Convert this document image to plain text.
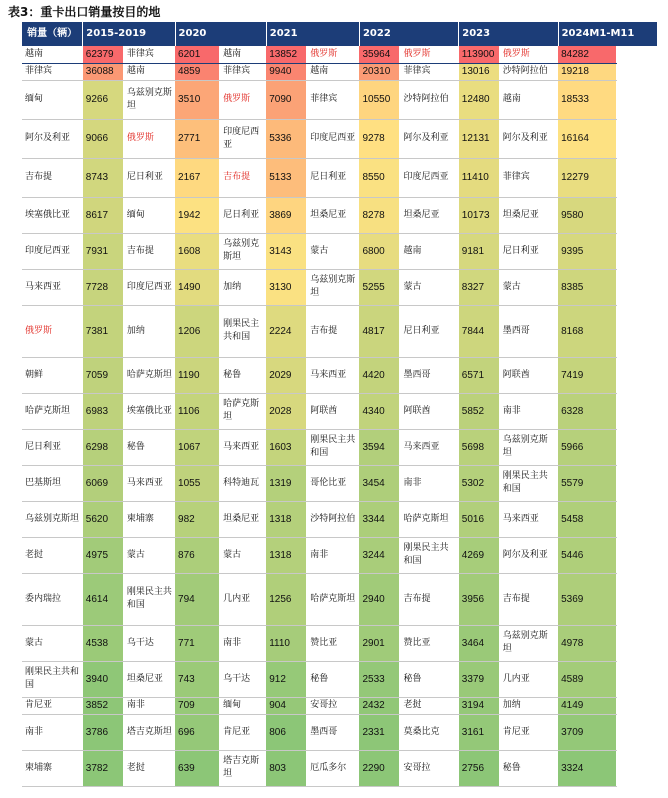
表3：重卡出口销量按目的地
销量（辆）	2015-2019		2020		2021		2022		2023		2024M1-M11
越南	62379	菲律宾	6201	越南	13852	俄罗斯	35964	俄罗斯	113900	俄罗斯	84282
菲律宾	36088	越南	4859	菲律宾	9940	越南	20310	菲律宾	13016	沙特阿拉伯	19218
缅甸	9266	乌兹别克斯坦	3510	俄罗斯	7090	菲律宾	10550	沙特阿拉伯	12480	越南	18533
阿尔及利亚	9066	俄罗斯	2771	印度尼西亚	5336	印度尼西亚	9278	阿尔及利亚	12131	阿尔及利亚	16164
吉布提	8743	尼日利亚	2167	吉布提	5133	尼日利亚	8550	印度尼西亚	11410	菲律宾	12279
埃塞俄比亚	8617	缅甸	1942	尼日利亚	3869	坦桑尼亚	8278	坦桑尼亚	10173	坦桑尼亚	9580
印度尼西亚	7931	吉布提	1608	乌兹别克斯坦	3143	蒙古	6800	越南	9181	尼日利亚	9395
马来西亚	7728	印度尼西亚	1490	加纳	3130	乌兹别克斯坦	5255	蒙古	8327	蒙古	8385
俄罗斯	7381	加纳	1206	刚果民主共和国	2224	吉布提	4817	尼日利亚	7844	墨西哥	8168
朝鲜	7059	哈萨克斯坦	1190	秘鲁	2029	马来西亚	4420	墨西哥	6571	阿联酋	7419
哈萨克斯坦	6983	埃塞俄比亚	1106	哈萨克斯坦	2028	阿联酋	4340	阿联酋	5852	南非	6328
尼日利亚	6298	秘鲁	1067	马来西亚	1603	刚果民主共和国	3594	马来西亚	5698	乌兹别克斯坦	5966
巴基斯坦	6069	马来西亚	1055	科特迪瓦	1319	哥伦比亚	3454	南非	5302	刚果民主共和国	5579
乌兹别克斯坦	5620	柬埔寨	982	坦桑尼亚	1318	沙特阿拉伯	3344	哈萨克斯坦	5016	马来西亚	5458
老挝	4975	蒙古	876	蒙古	1318	南非	3244	刚果民主共和国	4269	阿尔及利亚	5446
委内瑞拉	4614	刚果民主共和国	794	几内亚	1256	哈萨克斯坦	2940	吉布提	3956	吉布提	5369
蒙古	4538	乌干达	771	南非	1110	赞比亚	2901	赞比亚	3464	乌兹别克斯坦	4978
刚果民主共和国	3940	坦桑尼亚	743	乌干达	912	秘鲁	2533	秘鲁	3379	几内亚	4589
肯尼亚	3852	南非	709	缅甸	904	安哥拉	2432	老挝	3194	加纳	4149
南非	3786	塔吉克斯坦	696	肯尼亚	806	墨西哥	2331	莫桑比克	3161	肯尼亚	3709
柬埔寨	3782	老挝	639	塔吉克斯坦	803	厄瓜多尔	2290	安哥拉	2756	秘鲁	3324
